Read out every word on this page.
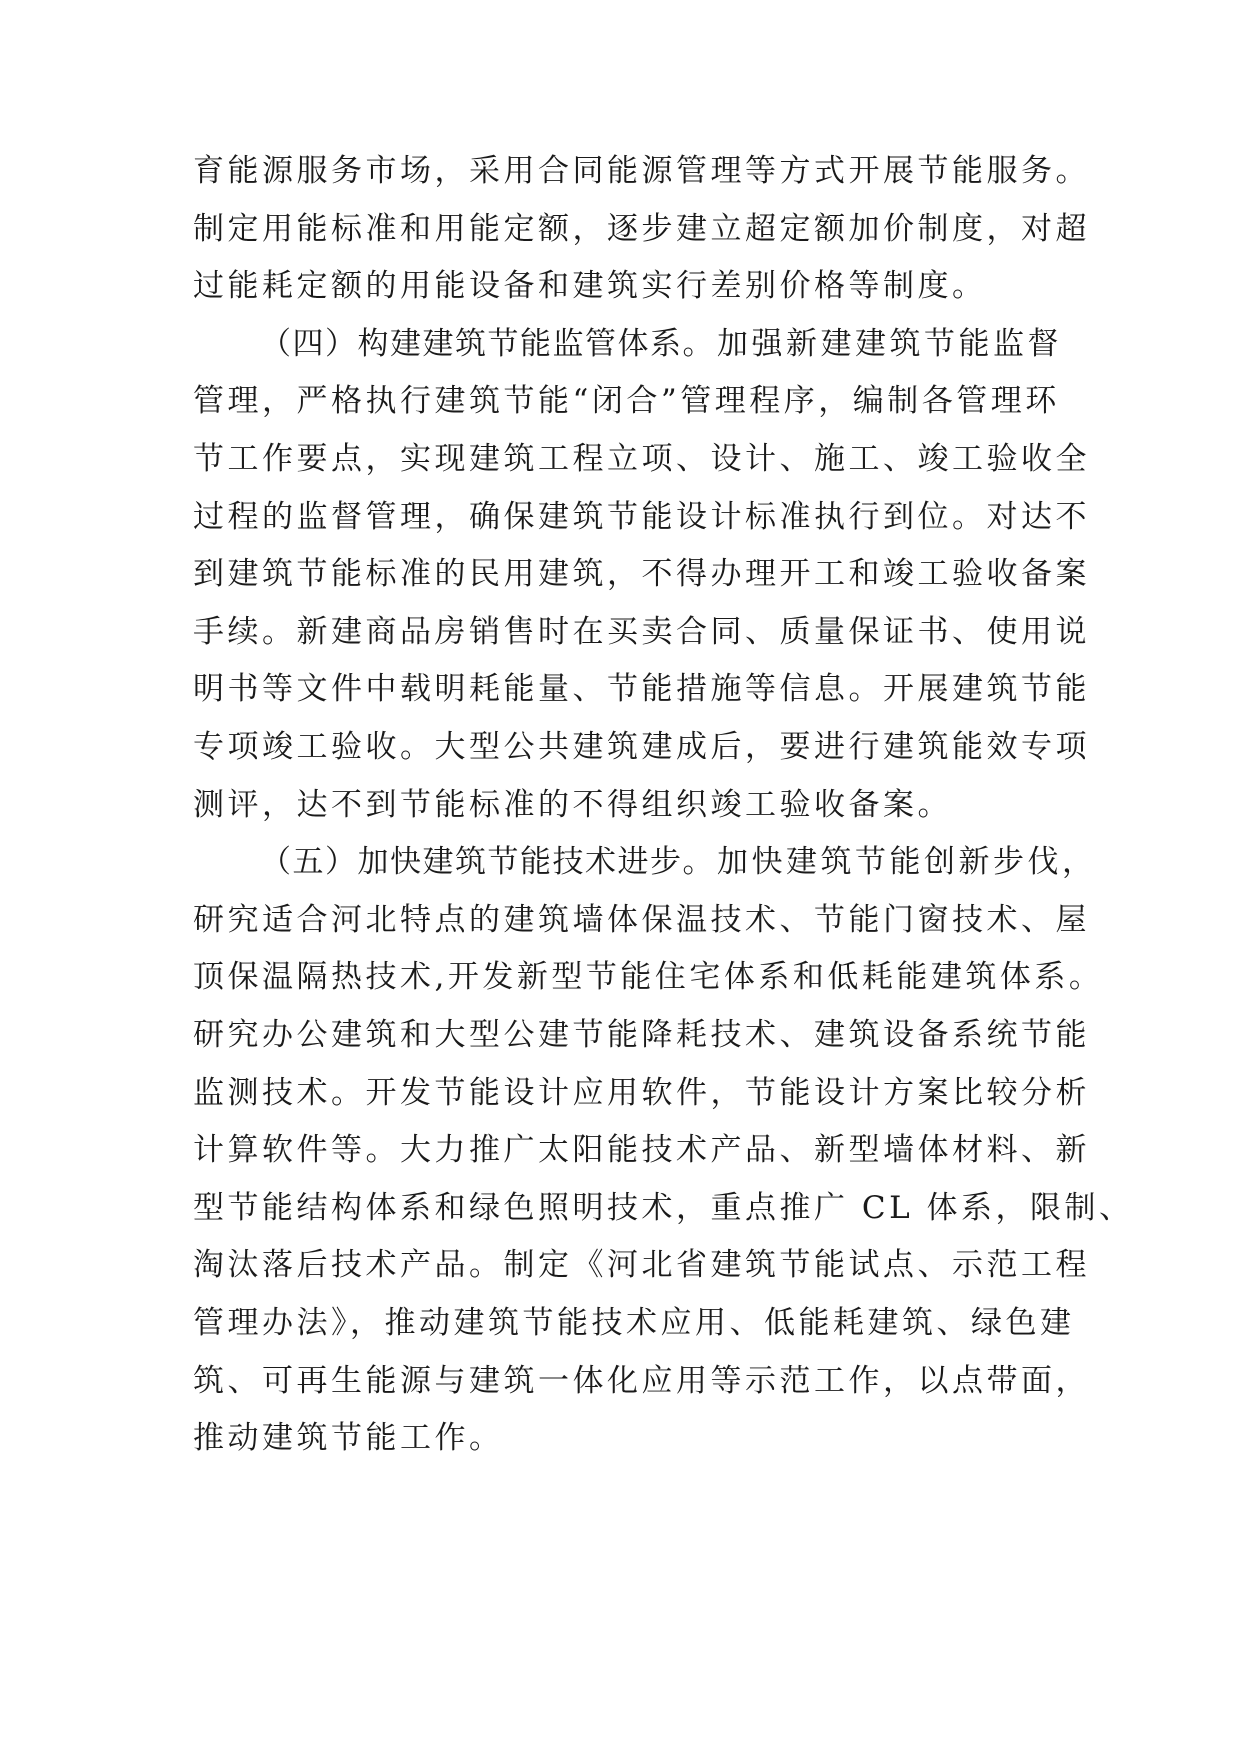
育能源服务市场，采用合同能源管理等方式开展节能服务。
制定用能标准和用能定额，逐步建立超定额加价制度，对超
过能耗定额的用能设备和建筑实行差别价格等制度。
（四）构建建筑节能监管体系。加强新建建筑节能监督
管理，严格执行建筑节能“闭合”管理程序，编制各管理环
节工作要点，实现建筑工程立项、设计、施工、竣工验收全
过程的监督管理，确保建筑节能设计标准执行到位。对达不
到建筑节能标准的民用建筑，不得办理开工和竣工验收备案
手续。新建商品房销售时在买卖合同、质量保证书、使用说
明书等文件中载明耗能量、节能措施等信息。开展建筑节能
专项竣工验收。大型公共建筑建成后，要进行建筑能效专项
测评，达不到节能标准的不得组织竣工验收备案。
（五）加快建筑节能技术进步。加快建筑节能创新步伐，
研究适合河北特点的建筑墙体保温技术、节能门窗技术、屋
顶保温隔热技术,开发新型节能住宅体系和低耗能建筑体系。
研究办公建筑和大型公建节能降耗技术、建筑设备系统节能
监测技术。开发节能设计应用软件，节能设计方案比较分析
计算软件等。大力推广太阳能技术产品、新型墙体材料、新
型节能结构体系和绿色照明技术，重点推广 CL 体系，限制、
淘汰落后技术产品。制定《河北省建筑节能试点、示范工程
管理办法》，推动建筑节能技术应用、低能耗建筑、绿色建
筑、可再生能源与建筑一体化应用等示范工作，以点带面，
推动建筑节能工作。
